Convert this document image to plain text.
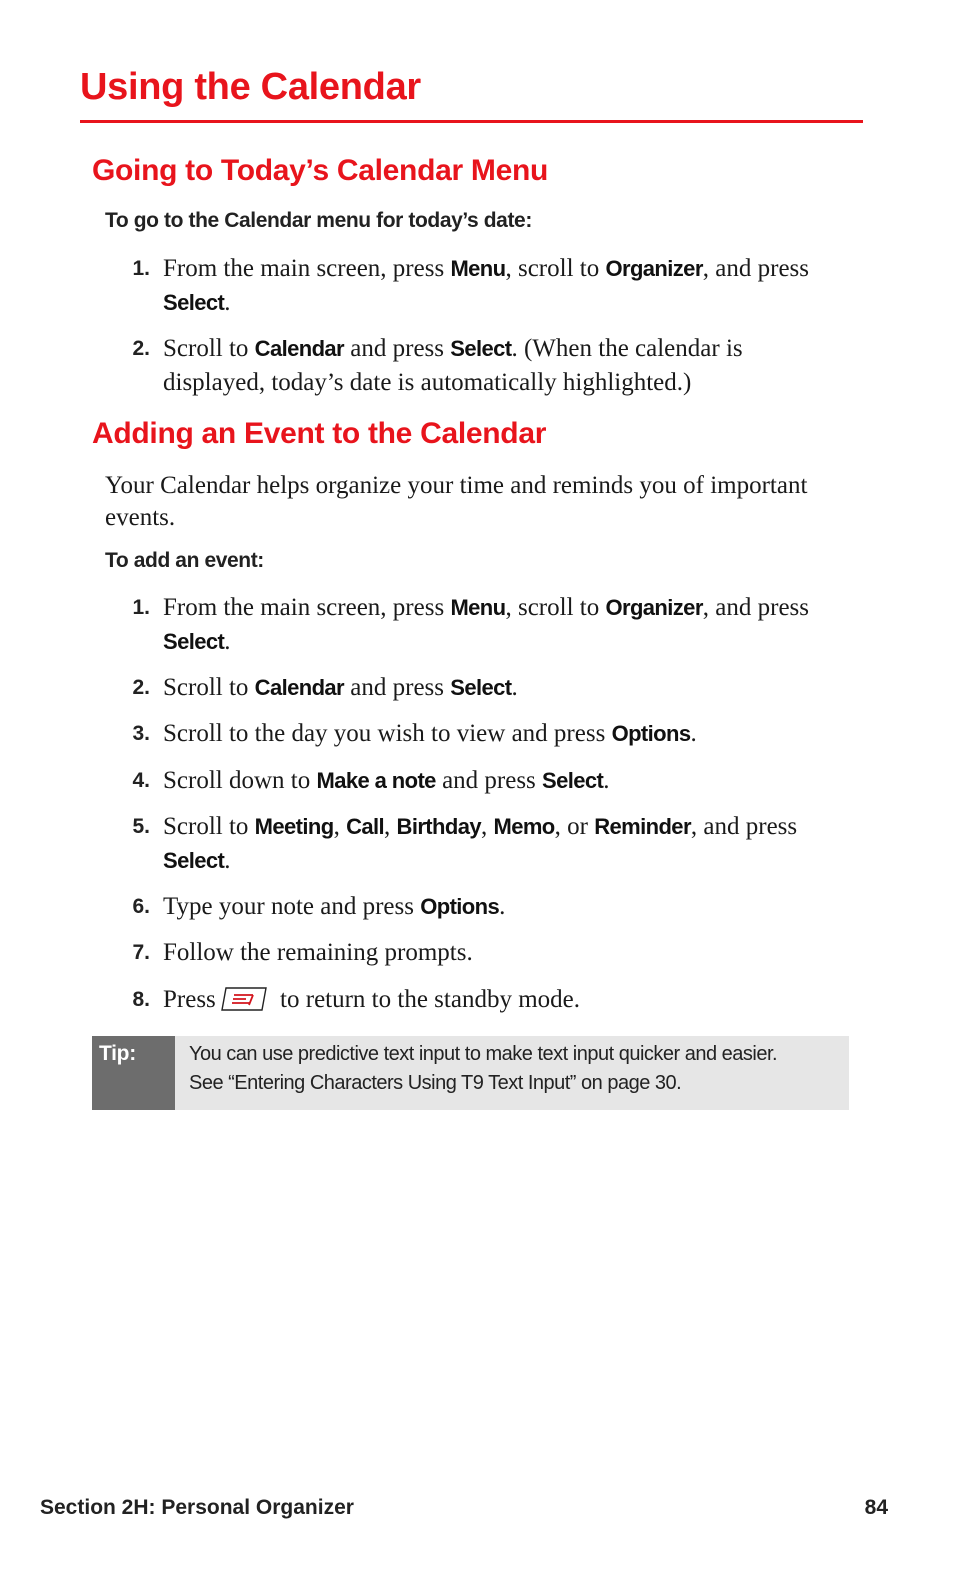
Using the Calendar
Going to Today’s Calendar Menu

To go to the Calendar menu for today’s date:

1. From the main screen, press Menu, scroll to Organizer, and press Select.
2. Scroll to Calendar and press Select. (When the calendar is displayed, today’s date is automatically highlighted.)
Adding an Event to the Calendar

Your Calendar helps organize your time and reminds you of important events.

To add an event:

1. From the main screen, press Menu, scroll to Organizer, and press Select.
2. Scroll to Calendar and press Select.
3. Scroll to the day you wish to view and press Options.
4. Scroll down to Make a note and press Select.
5. Scroll to Meeting, Call, Birthday, Memo, or Reminder, and press Select.
6. Type your note and press Options.
7. Follow the remaining prompts.
8. Press to return to the standby mode.
Tip:	You can use predictive text input to make text input quicker and easier.
See “Entering Characters Using T9 Text Input” on page 30.

Section 2H: Personal Organizer	84
